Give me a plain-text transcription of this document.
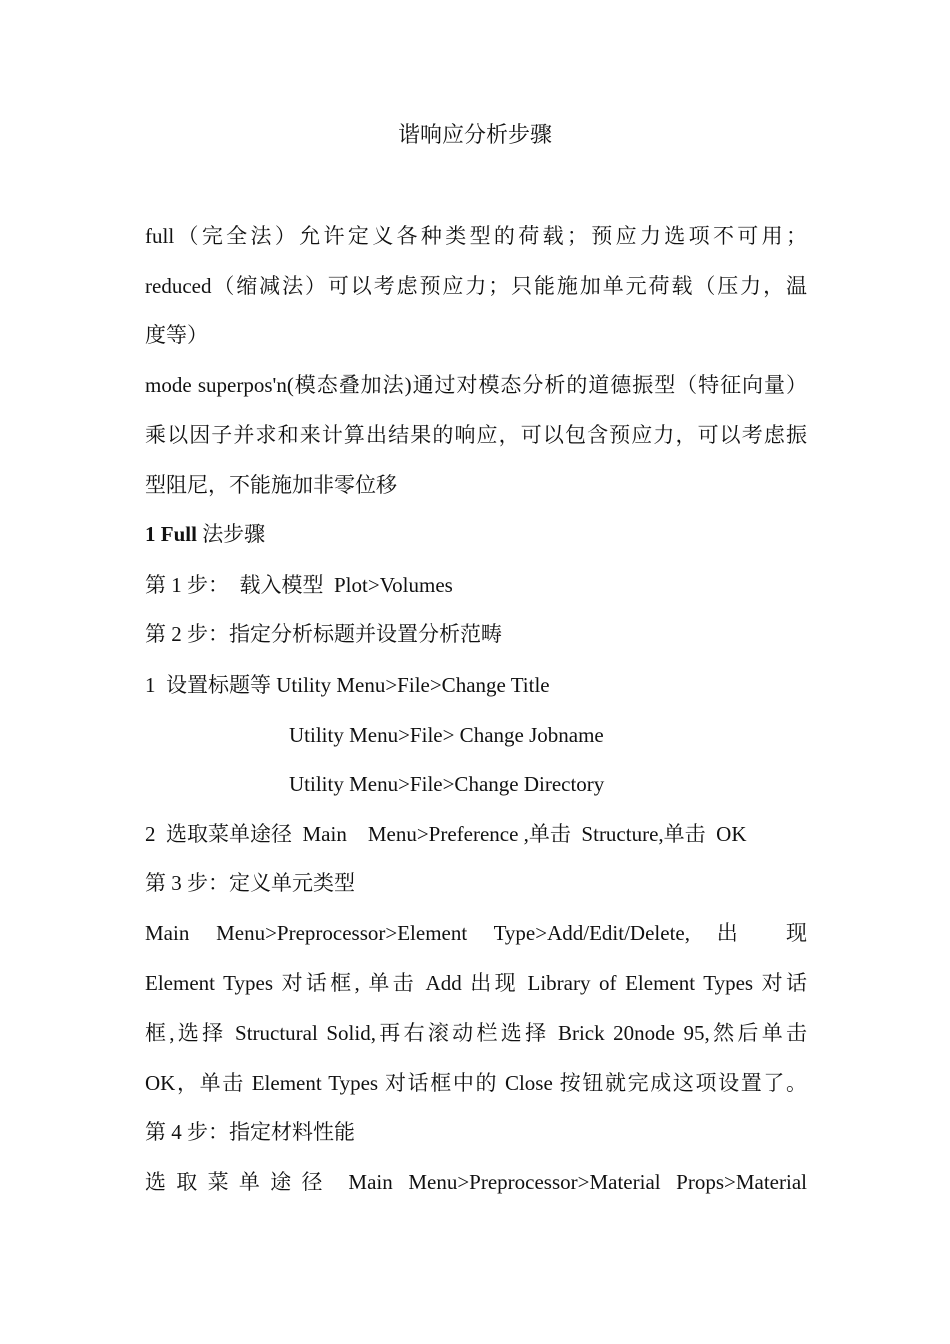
谐响应分析步骤
full（完全法）允许定义各种类型的荷载；预应力选项不可用；
reduced（缩减法）可以考虑预应力；只能施加单元荷载（压力，温
度等）
mode superpos'n(模态叠加法)通过对模态分析的道德振型（特征向量）
乘以因子并求和来计算出结果的响应，可以包含预应力，可以考虑振
型阻尼，不能施加非零位移
1 Full 法步骤
第 1 步：　载入模型  Plot>Volumes
第 2 步：指定分析标题并设置分析范畴
1  设置标题等 Utility Menu>File>Change Title
Utility Menu>File> Change Jobname
Utility Menu>File>Change Directory
2  选取菜单途径  Main    Menu>Preference ,单击  Structure,单击  OK
第 3 步：定义单元类型
Main Menu>Preprocessor>Element Type>Add/Edit/Delete, 出 现
Element Types 对话框, 单击 Add 出现 Library of Element Types 对话
框,选择 Structural Solid,再右滚动栏选择 Brick 20node 95,然后单击
OK，单击 Element Types 对话框中的 Close 按钮就完成这项设置了。
第 4 步：指定材料性能
选取菜单途径 Main Menu>Preprocessor>Material Props>Material
